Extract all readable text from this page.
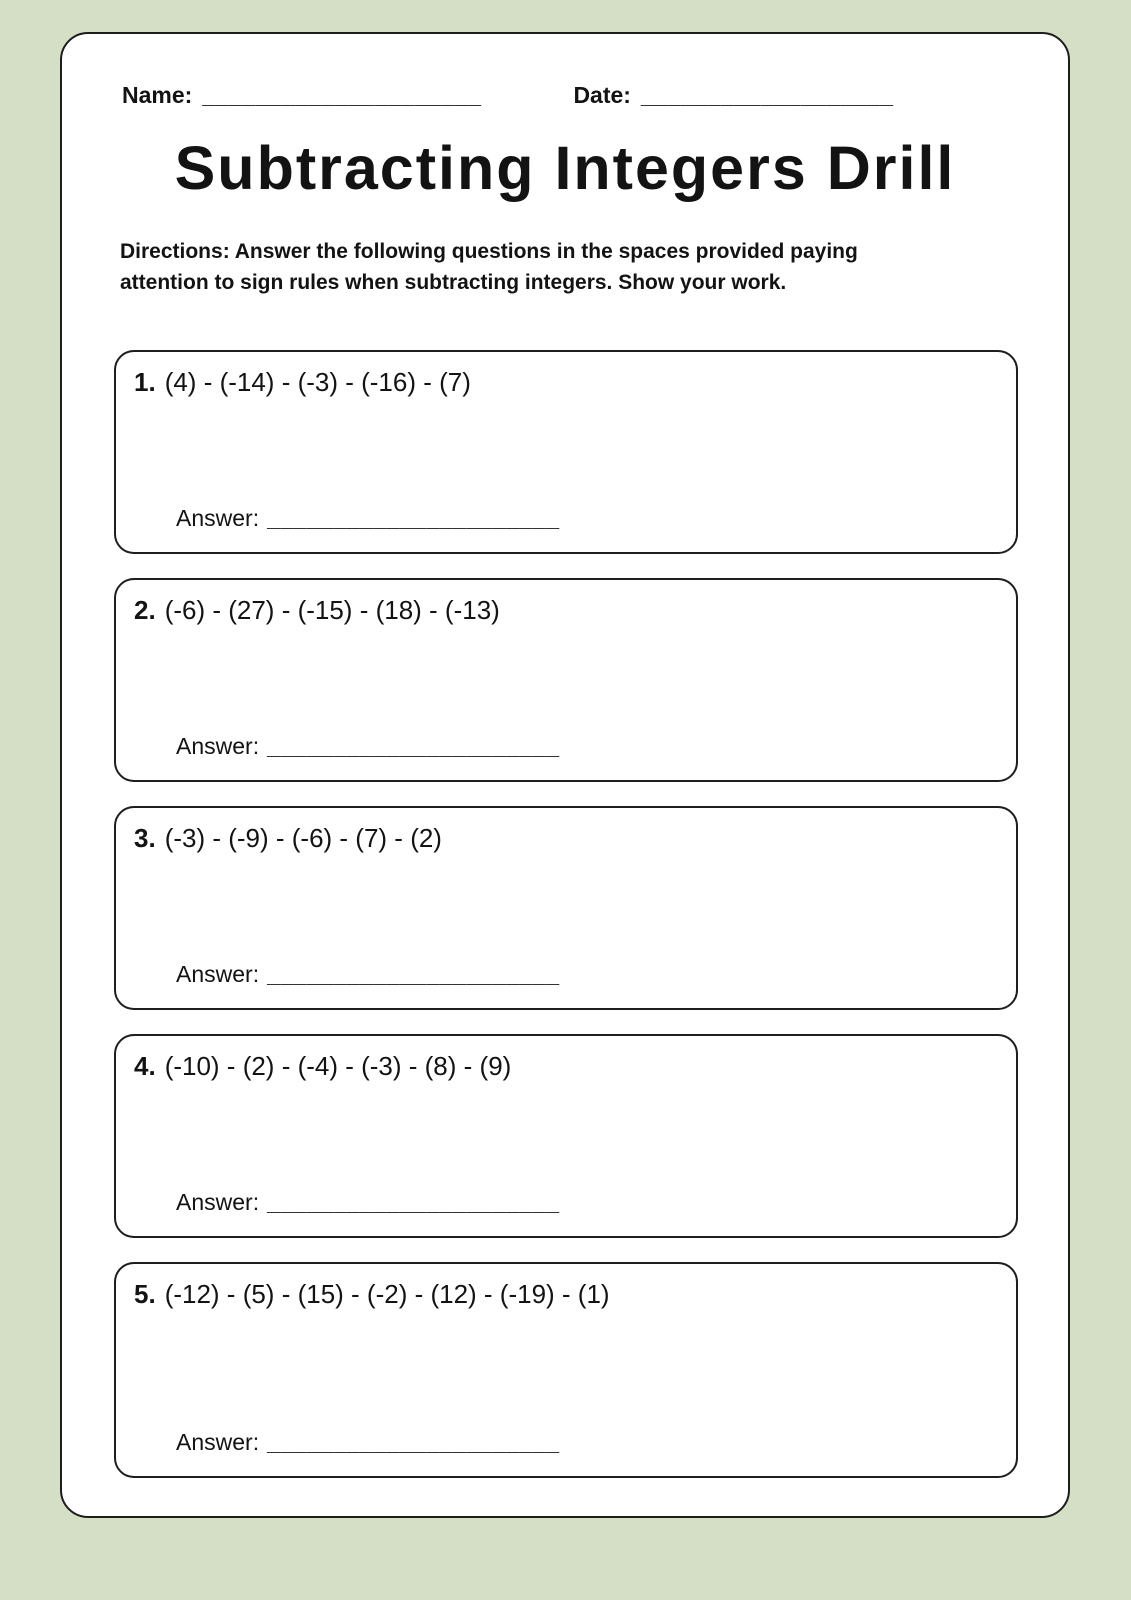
Name: _____________________	Date: ___________________
Subtracting Integers Drill
Directions: Answer the following questions in the spaces provided paying attention to sign rules when subtracting integers. Show your work.
1. (4) - (-14) - (-3) - (-16) - (7)
Answer: ______________________
2. (-6) - (27) - (-15) - (18) - (-13)
Answer: ______________________
3. (-3) - (-9) - (-6) - (7) - (2)
Answer: ______________________
4. (-10) - (2) - (-4) - (-3) - (8) - (9)
Answer: ______________________
5. (-12) - (5) - (15) - (-2) - (12) - (-19) - (1)
Answer: ______________________
